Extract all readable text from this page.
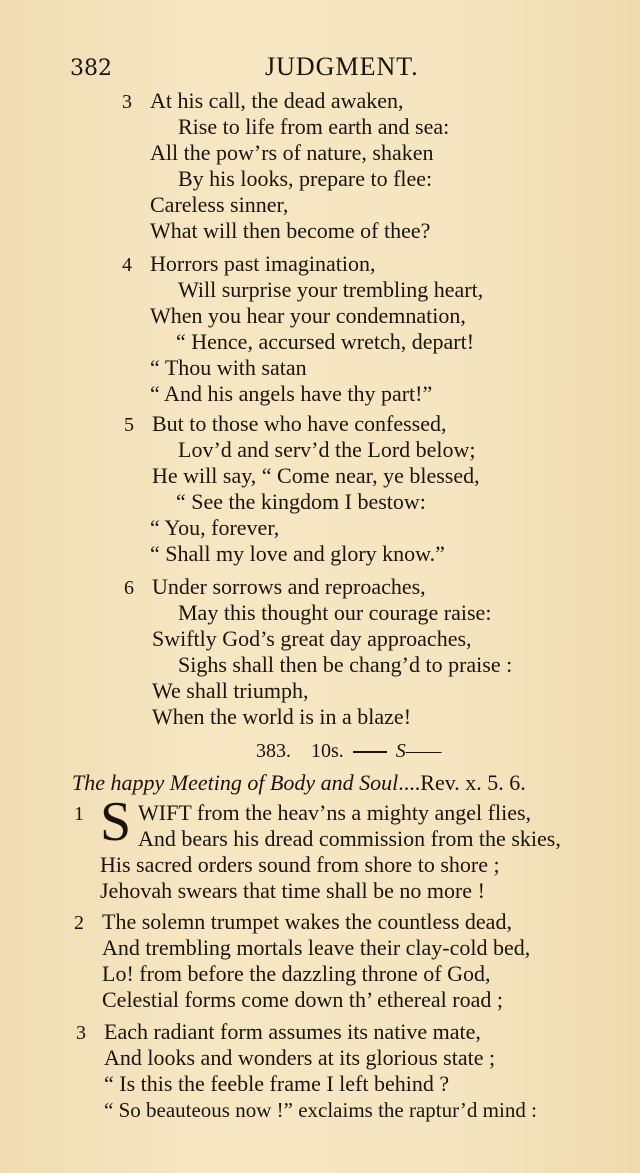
382	JUDGMENT.
3 At his call, the dead awaken,
Rise to life from earth and sea:
All the pow’rs of nature, shaken
By his looks, prepare to flee:
Careless sinner,
What will then become of thee?
4 Horrors past imagination,
Will surprise your trembling heart,
When you hear your condemnation,
“ Hence, accursed wretch, depart!
“ Thou with satan
“ And his angels have thy part!”
5 But to those who have confessed,
Lov’d and serv’d the Lord below;
He will say, “ Come near, ye blessed,
“ See the kingdom I bestow:
“ You, forever,
“ Shall my love and glory know.”
6 Under sorrows and reproaches,
May this thought our courage raise:
Swiftly God’s great day approaches,
Sighs shall then be chang’d to praise :
We shall triumph,
When the world is in a blaze!
383. 10s.	S——
The happy Meeting of Body and Soul....Rev. x. 5. 6.
1 S WIFT from the heav’ns a mighty angel flies,
And bears his dread commission from the skies,
His sacred orders sound from shore to shore ;
Jehovah swears that time shall be no more !
2 The solemn trumpet wakes the countless dead,
And trembling mortals leave their clay-cold bed,
Lo! from before the dazzling throne of God,
Celestial forms come down th’ ethereal road ;
3 Each radiant form assumes its native mate,
And looks and wonders at its glorious state ;
“ Is this the feeble frame I left behind ?
“ So beauteous now !” exclaims the raptur’d mind :
